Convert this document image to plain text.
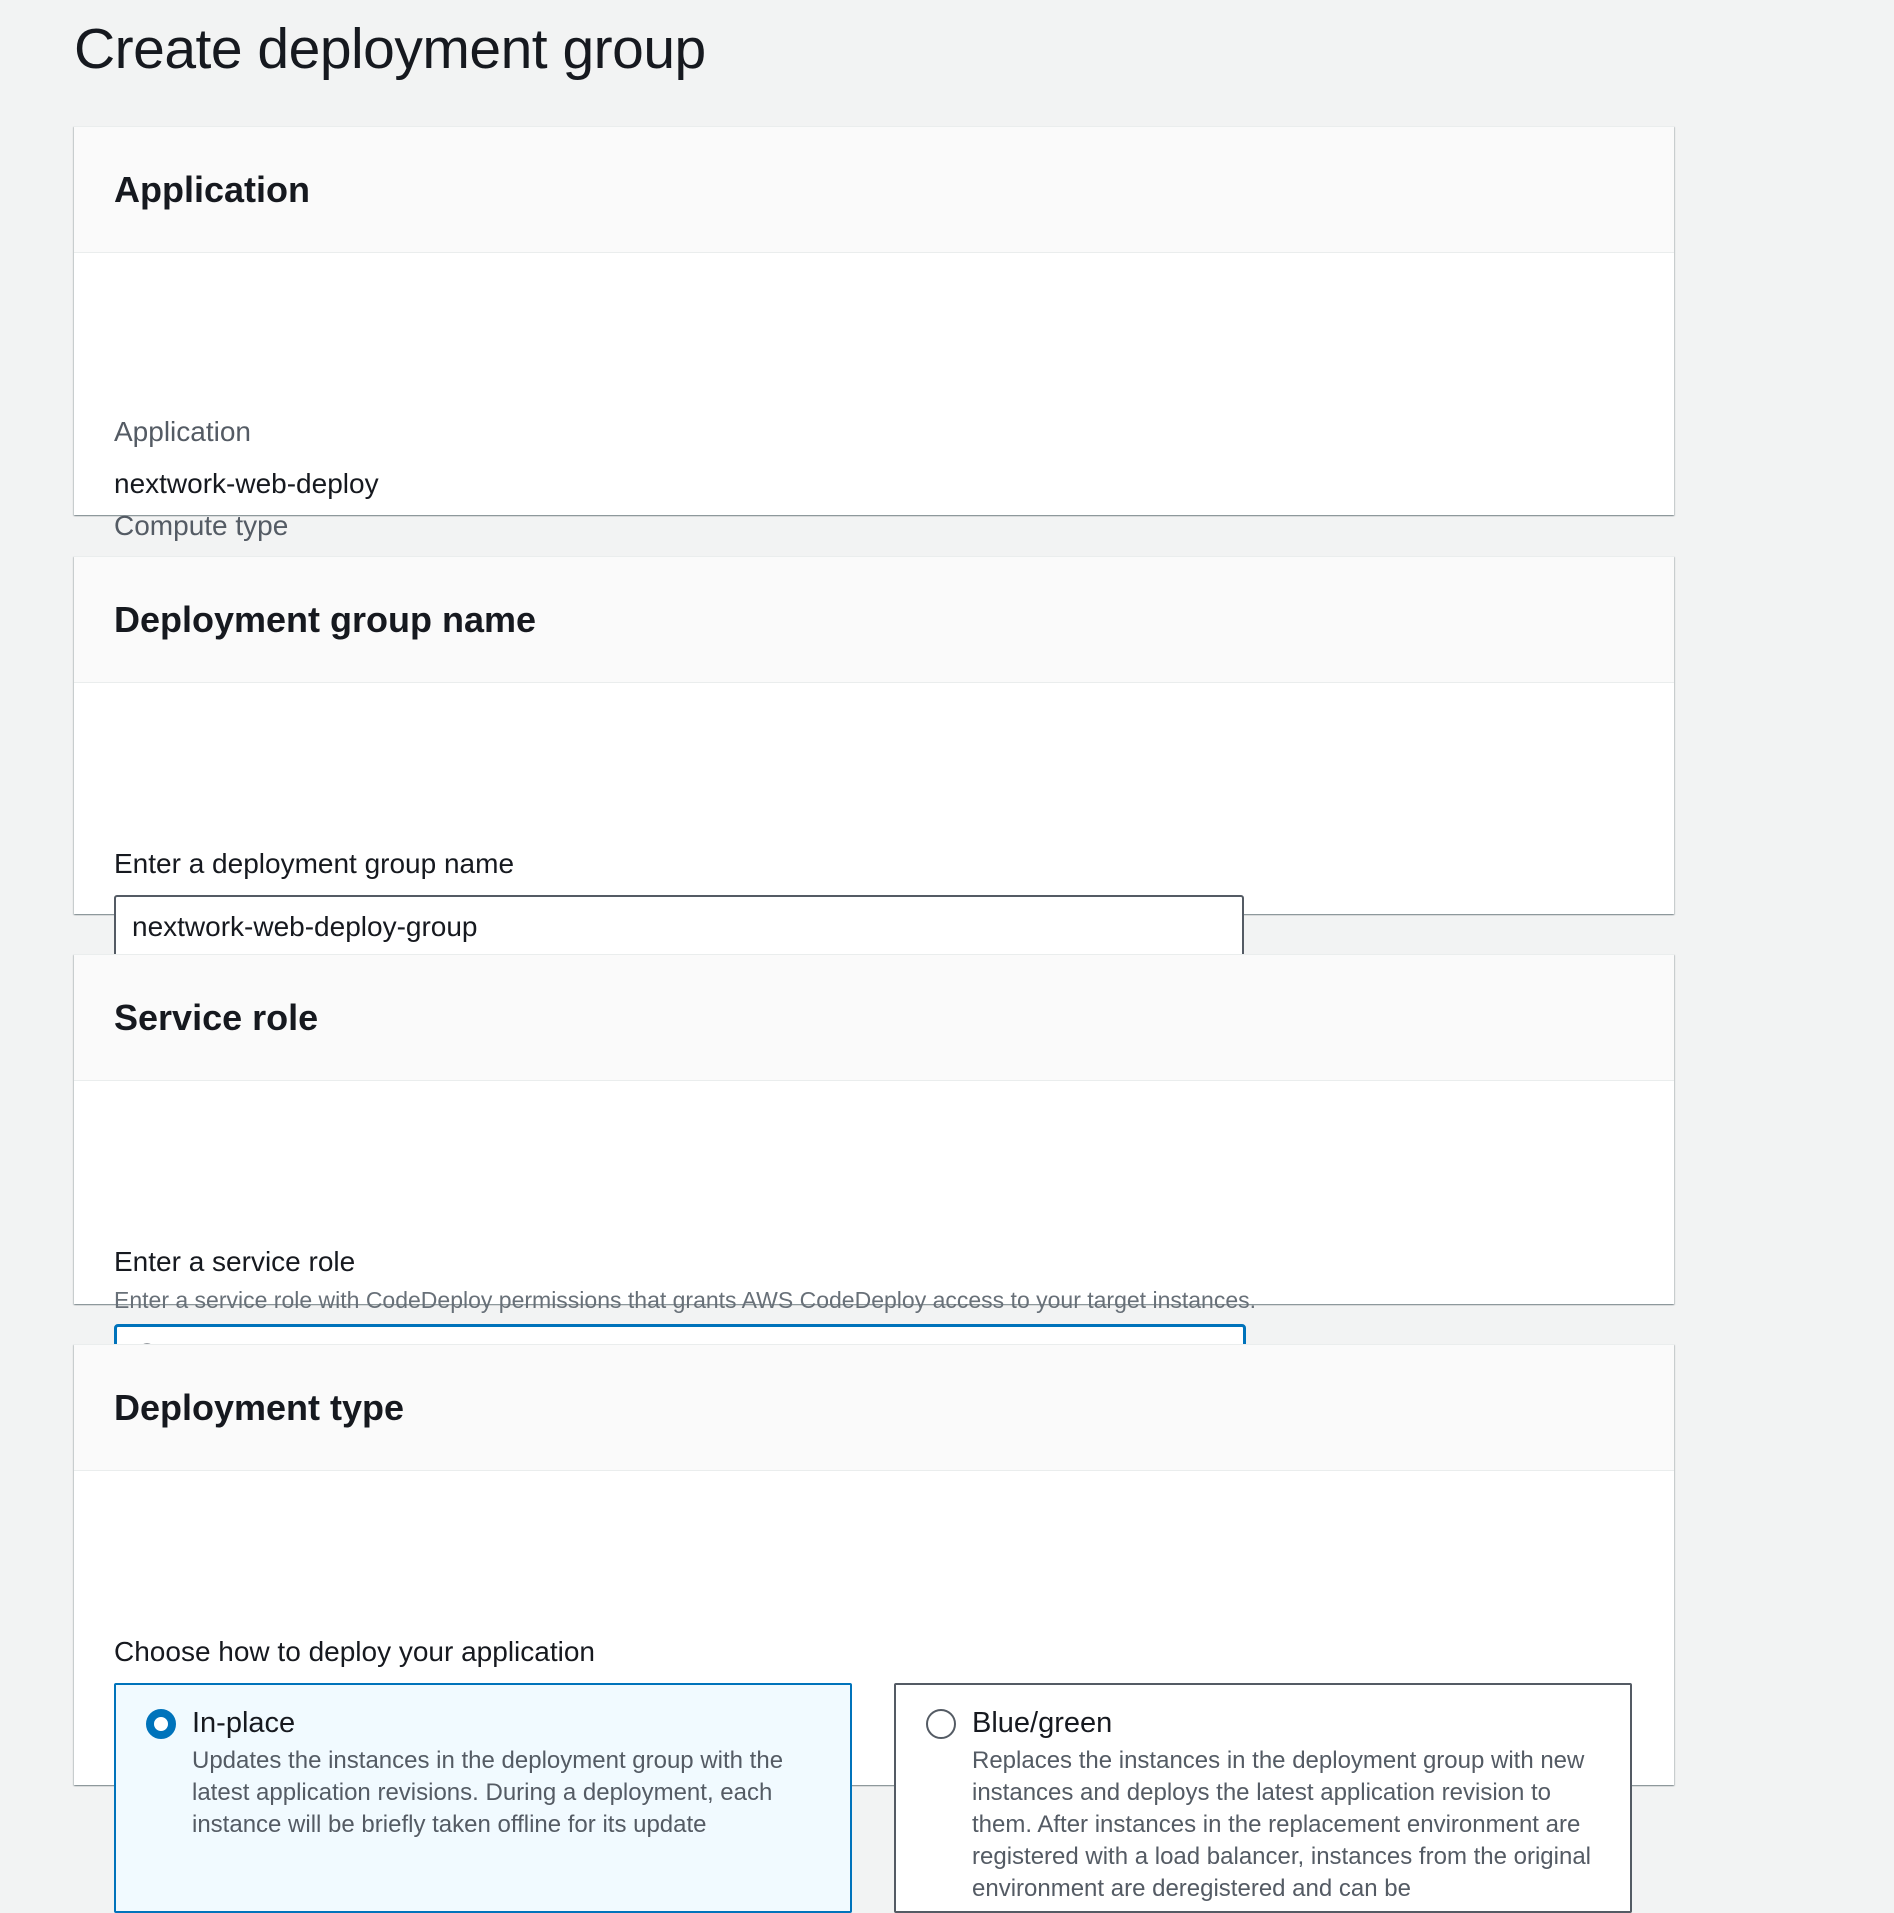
Create deployment group
Application
Application
nextwork-web-deploy
Compute type
Deployment group name
Enter a deployment group name
nextwork-web-deploy-group
Service role
Enter a service role
Enter a service role with CodeDeploy permissions that grants AWS CodeDeploy access to your target instances.
arn:aws:iam::691784454033:role/NextWorkCodeDeployRole
Deployment type
Choose how to deploy your application
In-place
Updates the instances in the deployment group with the latest application revisions. During a deployment, each instance will be briefly taken offline for its update
Blue/green
Replaces the instances in the deployment group with new instances and deploys the latest application revision to them. After instances in the replacement environment are registered with a load balancer, instances from the original environment are deregistered and can be
